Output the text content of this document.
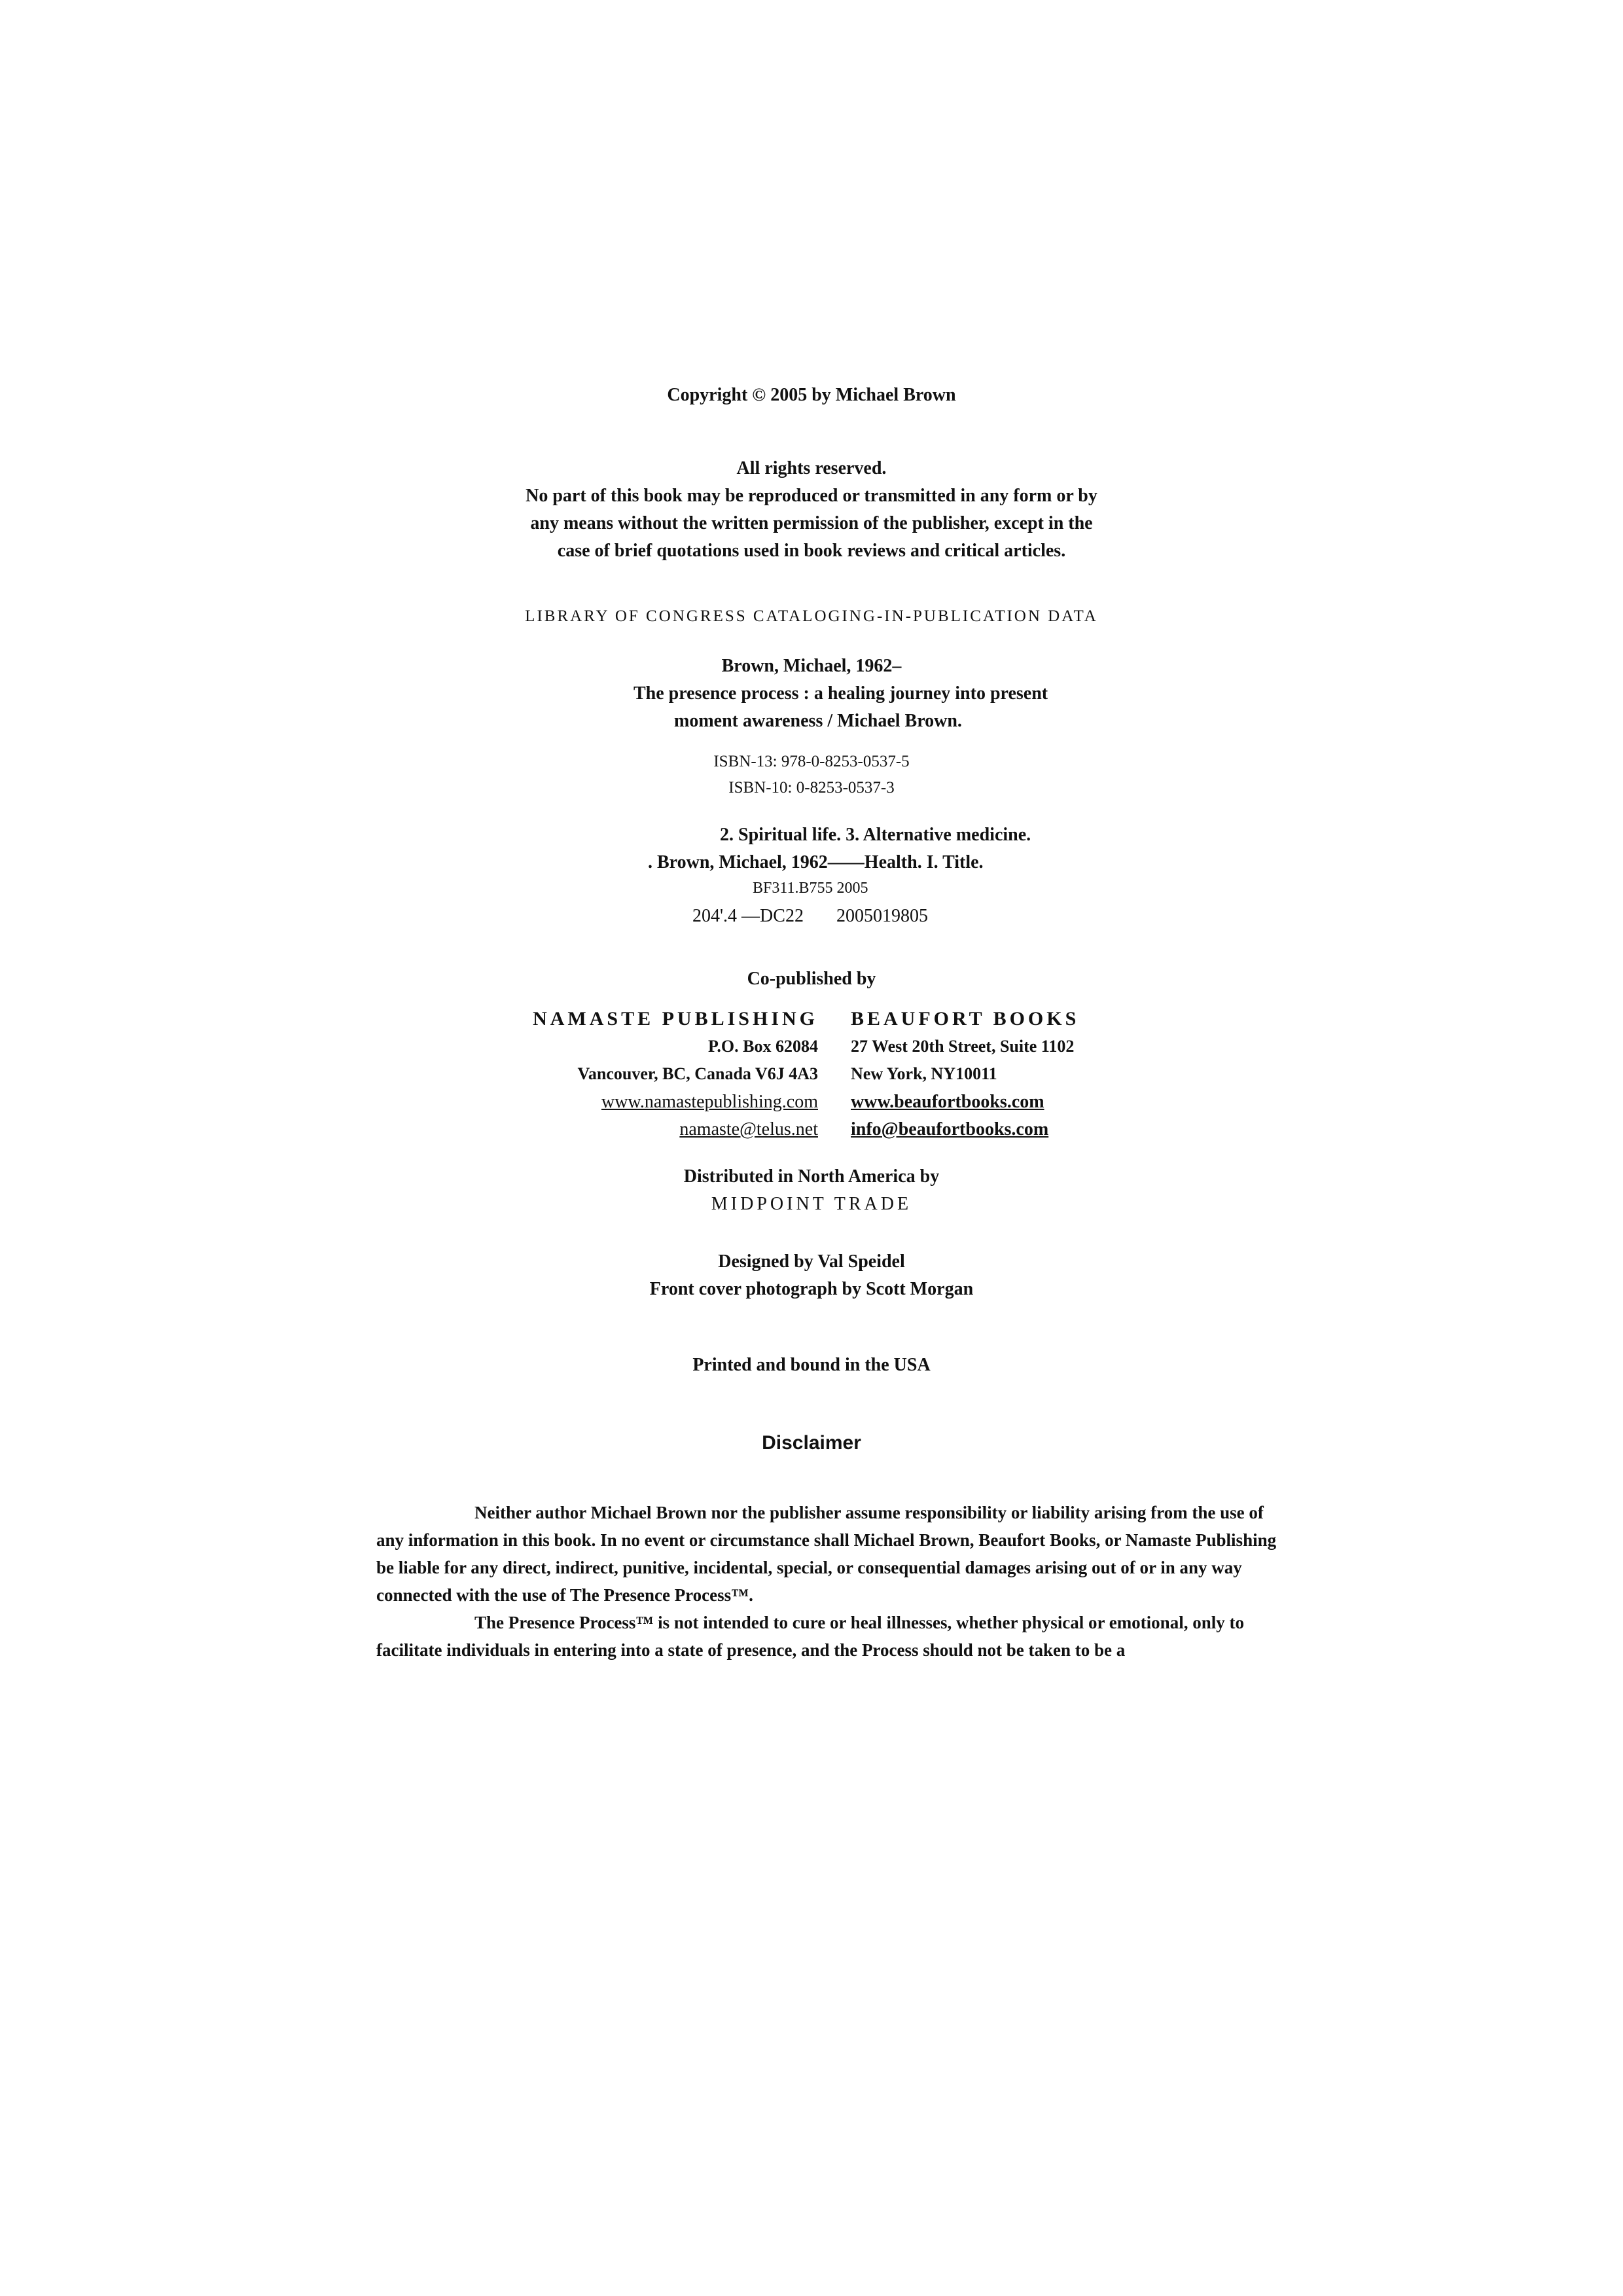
Copyright © 2005 by Michael Brown
All rights reserved.
No part of this book may be reproduced or transmitted in any form or by
any means without the written permission of the publisher, except in the
case of brief quotations used in book reviews and critical articles.
LIBRARY OF CONGRESS CATALOGING-IN-PUBLICATION DATA
Brown, Michael, 1962–
The presence process : a healing journey into present
moment awareness / Michael Brown.
ISBN-13: 978-0-8253-0537-5
ISBN-10: 0-8253-0537-3
2. Spiritual life. 3. Alternative medicine.
. Brown, Michael, 1962——Health. I. Title.
BF311.B755 2005
204'.4 —DC22 2005019805
Co-published by
NAMASTE PUBLISHING
P.O. Box 62084
Vancouver, BC, Canada V6J 4A3
www.namastepublishing.com
namaste@telus.net
BEAUFORT BOOKS
27 West 20th Street, Suite 1102
New York, NY10011
www.beaufortbooks.com
info@beaufortbooks.com
Distributed in North America by
MIDPOINT TRADE
Designed by Val Speidel
Front cover photograph by Scott Morgan
Printed and bound in the USA
Disclaimer

Neither author Michael Brown nor the publisher assume responsibility or liability arising from the use of any information in this book. In no event or circumstance shall Michael Brown, Beaufort Books, or Namaste Publishing be liable for any direct, indirect, punitive, incidental, special, or consequential damages arising out of or in any way connected with the use of The Presence Process™.

The Presence Process™ is not intended to cure or heal illnesses, whether physical or emotional, only to facilitate individuals in entering into a state of presence, and the Process should not be taken to be a
